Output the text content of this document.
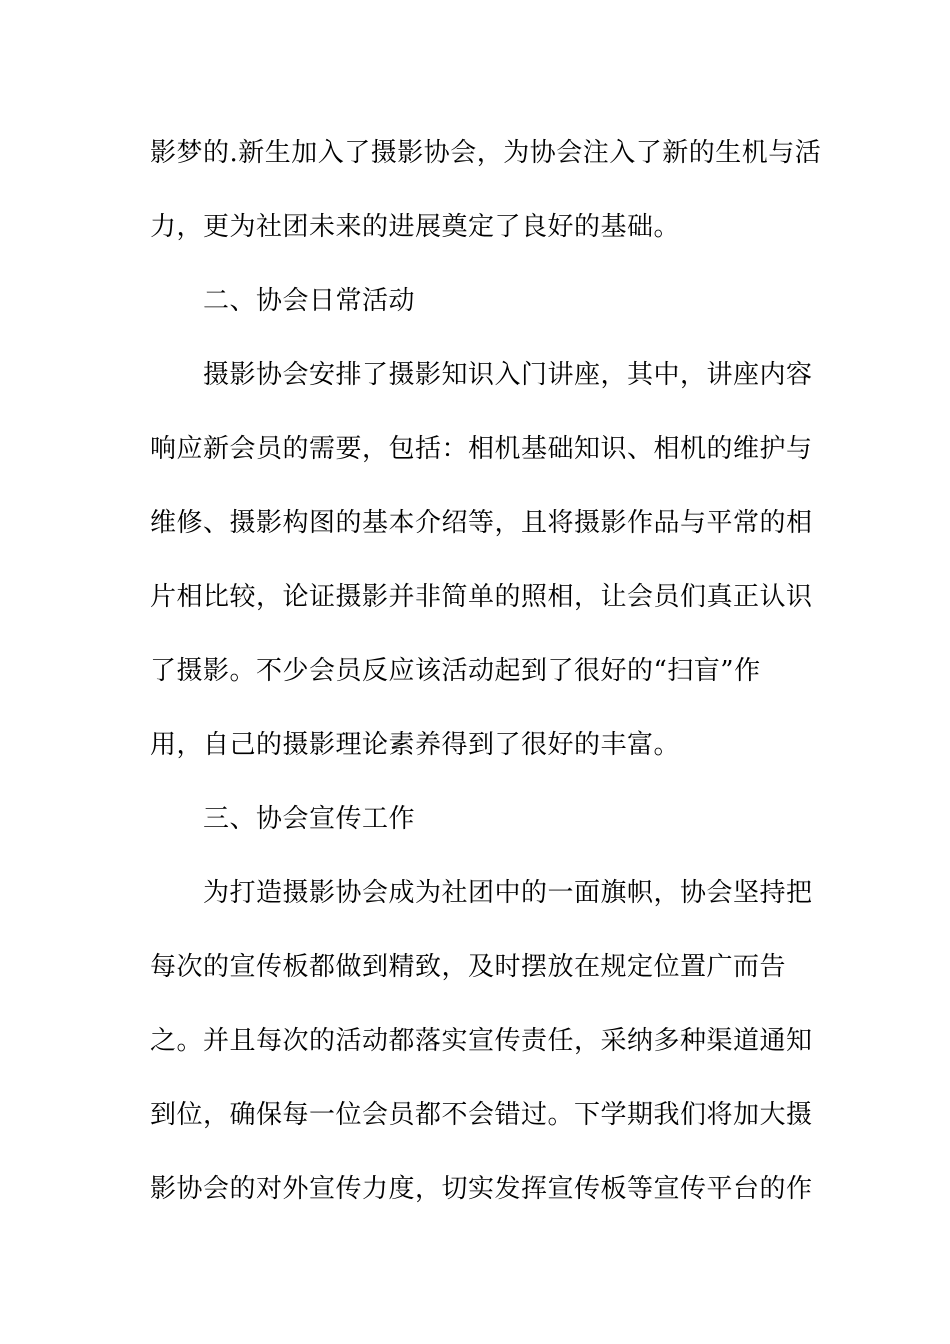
影梦的.新生加入了摄影协会，为协会注入了新的生机与活
力，更为社团未来的进展奠定了良好的基础。
二、协会日常活动
摄影协会安排了摄影知识入门讲座，其中，讲座内容
响应新会员的需要，包括：相机基础知识、相机的维护与
维修、摄影构图的基本介绍等，且将摄影作品与平常的相
片相比较，论证摄影并非简单的照相，让会员们真正认识
了摄影。不少会员反应该活动起到了很好的“扫盲”作
用，自己的摄影理论素养得到了很好的丰富。
三、协会宣传工作
为打造摄影协会成为社团中的一面旗帜，协会坚持把
每次的宣传板都做到精致，及时摆放在规定位置广而告
之。并且每次的活动都落实宣传责任，采纳多种渠道通知
到位，确保每一位会员都不会错过。下学期我们将加大摄
影协会的对外宣传力度，切实发挥宣传板等宣传平台的作
